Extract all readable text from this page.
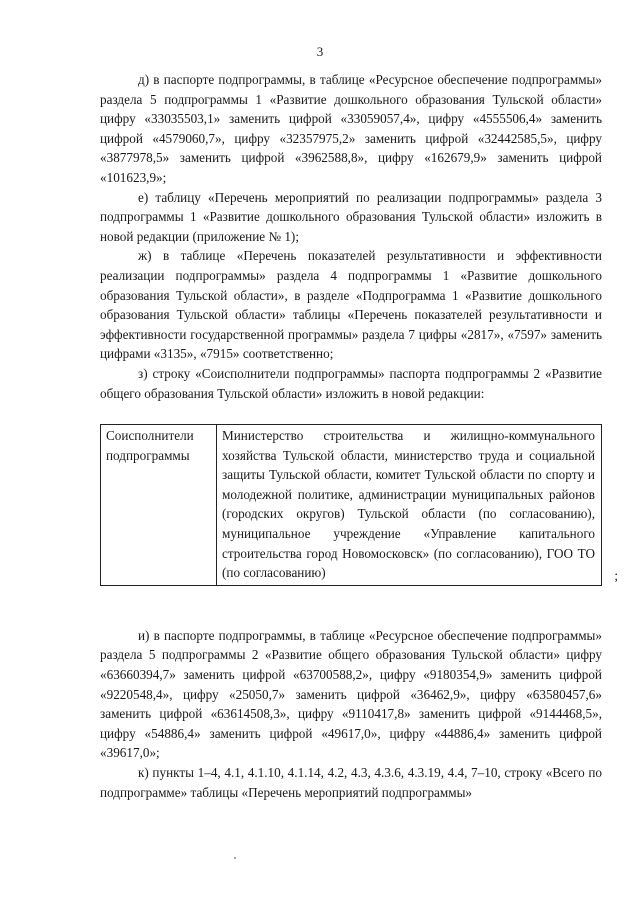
3

д) в паспорте подпрограммы, в таблице «Ресурсное обеспечение подпрограммы» раздела 5 подпрограммы 1 «Развитие дошкольного образования Тульской области» цифру «33035503,1» заменить цифрой «33059057,4», цифру «4555506,4» заменить цифрой «4579060,7», цифру «32357975,2» заменить цифрой «32442585,5», цифру «3877978,5» заменить цифрой «3962588,8», цифру «162679,9» заменить цифрой «101623,9»;

е) таблицу «Перечень мероприятий по реализации подпрограммы» раздела 3 подпрограммы 1 «Развитие дошкольного образования Тульской области» изложить в новой редакции (приложение № 1);

ж) в таблице «Перечень показателей результативности и эффективности реализации подпрограммы» раздела 4 подпрограммы 1 «Развитие дошкольного образования Тульской области», в разделе «Подпрограмма 1 «Развитие дошкольного образования Тульской области» таблицы «Перечень показателей результативности и эффективности государственной программы» раздела 7 цифры «2817», «7597» заменить цифрами «3135», «7915» соответственно;

з) строку «Соисполнители подпрограммы» паспорта подпрограммы 2 «Развитие общего образования Тульской области» изложить в новой редакции:

Соисполнители подпрограммы	Министерство строительства и жилищно-коммунального хозяйства Тульской области, министерство труда и социальной защиты Тульской области, комитет Тульской области по спорту и молодежной политике, администрации муниципальных районов (городских округов) Тульской области (по согласованию), муниципальное учреждение «Управление капитального строительства город Новомосковск» (по согласованию), ГОО ТО (по согласованию)	;

и) в паспорте подпрограммы, в таблице «Ресурсное обеспечение подпрограммы» раздела 5 подпрограммы 2 «Развитие общего образования Тульской области» цифру «63660394,7» заменить цифрой «63700588,2», цифру «9180354,9» заменить цифрой «9220548,4», цифру «25050,7» заменить цифрой «36462,9», цифру «63580457,6» заменить цифрой «63614508,3», цифру «9110417,8» заменить цифрой «9144468,5», цифру «54886,4» заменить цифрой «49617,0», цифру «44886,4» заменить цифрой «39617,0»;

к) пункты 1–4, 4.1, 4.1.10, 4.1.14, 4.2, 4.3, 4.3.6, 4.3.19, 4.4, 7–10, строку «Всего по подпрограмме» таблицы «Перечень мероприятий подпрограммы»
